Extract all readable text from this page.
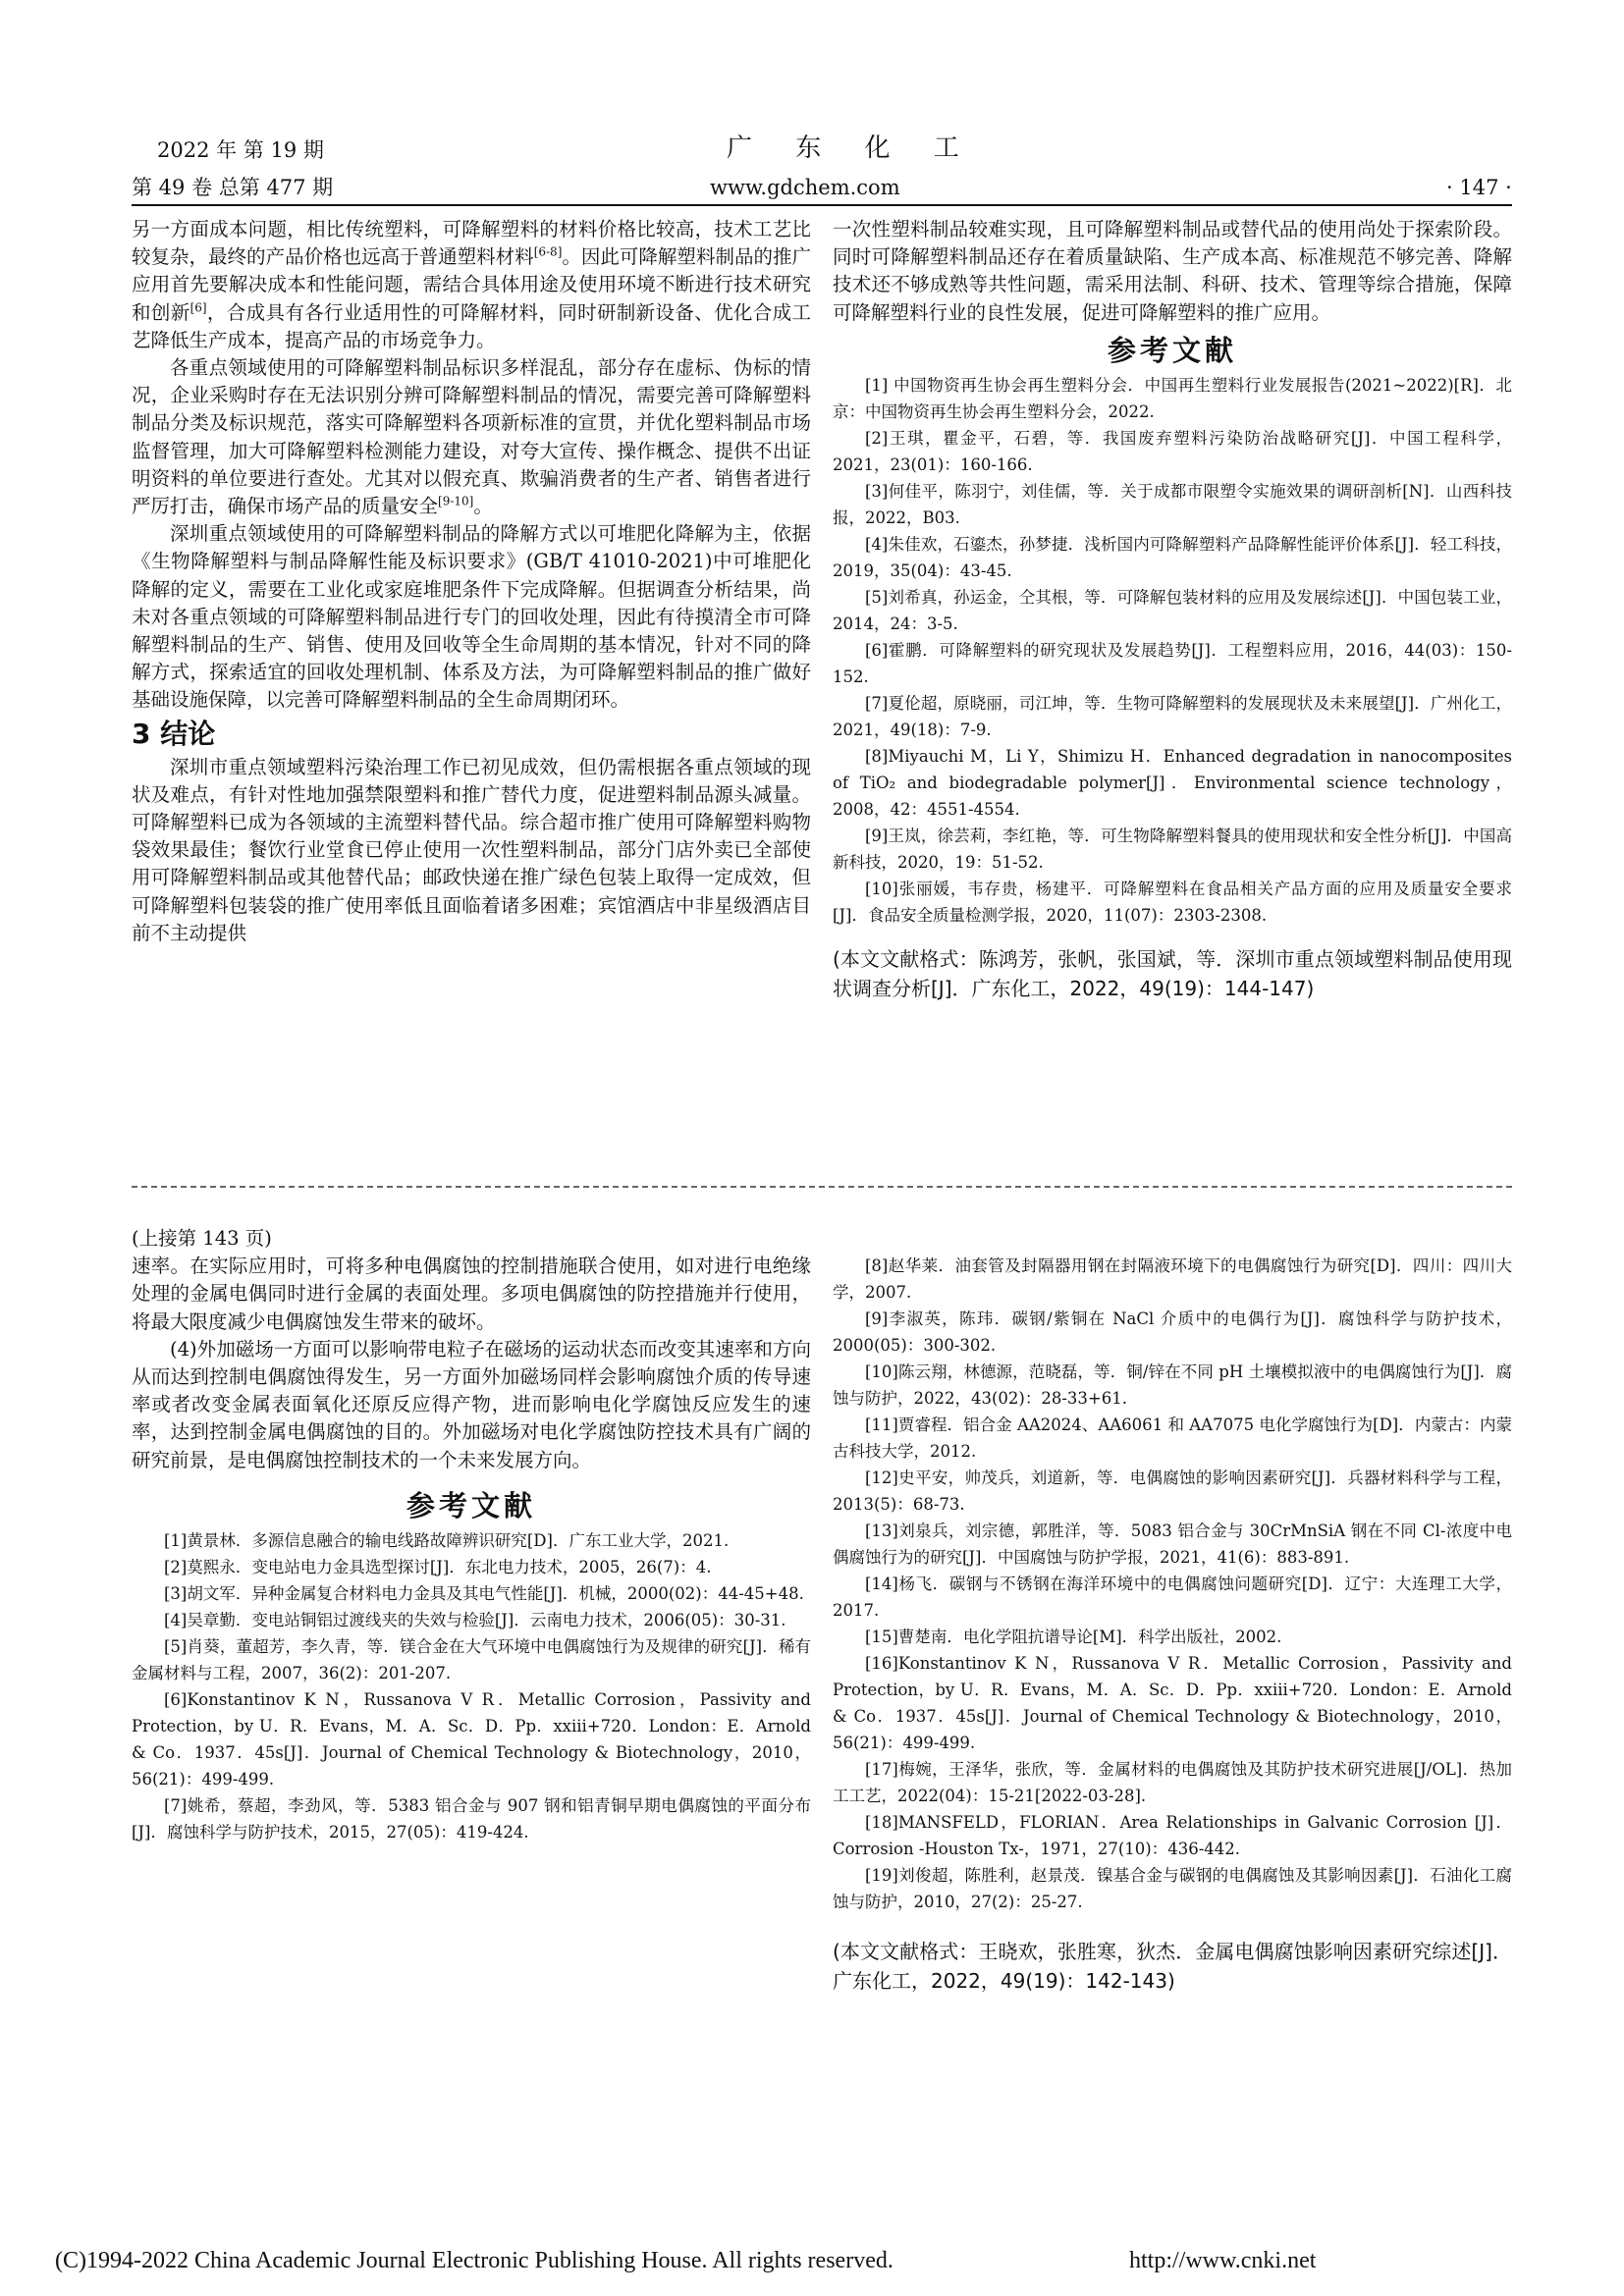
2022 年 第 19 期
第 49 卷 总第 477 期
广 东 化 工
www.gdchem.com	· 147 ·

另一方面成本问题，相比传统塑料，可降解塑料的材料价格比较高，技术工艺比较复杂，最终的产品价格也远高于普通塑料材料[6-8]。因此可降解塑料制品的推广应用首先要解决成本和性能问题，需结合具体用途及使用环境不断进行技术研究和创新[6]，合成具有各行业适用性的可降解材料，同时研制新设备、优化合成工艺降低生产成本，提高产品的市场竞争力。

各重点领域使用的可降解塑料制品标识多样混乱，部分存在虚标、伪标的情况，企业采购时存在无法识别分辨可降解塑料制品的情况，需要完善可降解塑料制品分类及标识规范，落实可降解塑料各项新标准的宣贯，并优化塑料制品市场监督管理，加大可降解塑料检测能力建设，对夸大宣传、操作概念、提供不出证明资料的单位要进行查处。尤其对以假充真、欺骗消费者的生产者、销售者进行严厉打击，确保市场产品的质量安全[9-10]。

深圳重点领域使用的可降解塑料制品的降解方式以可堆肥化降解为主，依据《生物降解塑料与制品降解性能及标识要求》(GB/T 41010-2021)中可堆肥化降解的定义，需要在工业化或家庭堆肥条件下完成降解。但据调查分析结果，尚未对各重点领域的可降解塑料制品进行专门的回收处理，因此有待摸清全市可降解塑料制品的生产、销售、使用及回收等全生命周期的基本情况，针对不同的降解方式，探索适宜的回收处理机制、体系及方法，为可降解塑料制品的推广做好基础设施保障，以完善可降解塑料制品的全生命周期闭环。

3 结论

深圳市重点领域塑料污染治理工作已初见成效，但仍需根据各重点领域的现状及难点，有针对性地加强禁限塑料和推广替代力度，促进塑料制品源头减量。可降解塑料已成为各领域的主流塑料替代品。综合超市推广使用可降解塑料购物袋效果最佳；餐饮行业堂食已停止使用一次性塑料制品，部分门店外卖已全部使用可降解塑料制品或其他替代品；邮政快递在推广绿色包装上取得一定成效，但可降解塑料包装袋的推广使用率低且面临着诸多困难；宾馆酒店中非星级酒店目前不主动提供

一次性塑料制品较难实现，且可降解塑料制品或替代品的使用尚处于探索阶段。同时可降解塑料制品还存在着质量缺陷、生产成本高、标准规范不够完善、降解技术还不够成熟等共性问题，需采用法制、科研、技术、管理等综合措施，保障可降解塑料行业的良性发展，促进可降解塑料的推广应用。

参考文献

[1] 中国物资再生协会再生塑料分会．中国再生塑料行业发展报告(2021~2022)[R]．北京：中国物资再生协会再生塑料分会，2022.

[2]王琪，瞿金平，石碧，等．我国废弃塑料污染防治战略研究[J]．中国工程科学，2021，23(01)：160-166.

[3]何佳平，陈羽宁，刘佳儒，等．关于成都市限塑令实施效果的调研剖析[N]．山西科技报，2022，B03.

[4]朱佳欢，石鎏杰，孙梦捷．浅析国内可降解塑料产品降解性能评价体系[J]．轻工科技，2019，35(04)：43-45.

[5]刘希真，孙运金，仝其根，等．可降解包装材料的应用及发展综述[J]．中国包装工业，2014，24：3-5.

[6]霍鹏．可降解塑料的研究现状及发展趋势[J]．工程塑料应用，2016，44(03)：150-152.

[7]夏伦超，原晓丽，司江坤，等．生物可降解塑料的发展现状及未来展望[J]．广州化工，2021，49(18)：7-9.

[8]Miyauchi M，Li Y，Shimizu H．Enhanced degradation in nanocomposites of TiO₂ and biodegradable polymer[J]．Environmental science technology，2008，42：4551-4554.

[9]王岚，徐芸莉，李红艳，等．可生物降解塑料餐具的使用现状和安全性分析[J]．中国高新科技，2020，19：51-52.

[10]张丽媛，韦存贵，杨建平．可降解塑料在食品相关产品方面的应用及质量安全要求[J]．食品安全质量检测学报，2020，11(07)：2303-2308.

(本文文献格式：陈鸿芳，张帆，张国斌，等．深圳市重点领域塑料制品使用现状调查分析[J]．广东化工，2022，49(19)：144-147)
(上接第 143 页)

速率。在实际应用时，可将多种电偶腐蚀的控制措施联合使用，如对进行电绝缘处理的金属电偶同时进行金属的表面处理。多项电偶腐蚀的防控措施并行使用，将最大限度减少电偶腐蚀发生带来的破坏。

(4)外加磁场一方面可以影响带电粒子在磁场的运动状态而改变其速率和方向从而达到控制电偶腐蚀得发生，另一方面外加磁场同样会影响腐蚀介质的传导速率或者改变金属表面氧化还原反应得产物，进而影响电化学腐蚀反应发生的速率，达到控制金属电偶腐蚀的目的。外加磁场对电化学腐蚀防控技术具有广阔的研究前景，是电偶腐蚀控制技术的一个未来发展方向。

参考文献

[1]黄景林．多源信息融合的输电线路故障辨识研究[D]．广东工业大学，2021.

[2]莫熙永．变电站电力金具选型探讨[J]．东北电力技术，2005，26(7)：4.

[3]胡文军．异种金属复合材料电力金具及其电气性能[J]．机械，2000(02)：44-45+48.

[4]吴章勤．变电站铜铝过渡线夹的失效与检验[J]．云南电力技术，2006(05)：30-31.

[5]肖葵，董超芳，李久青，等．镁合金在大气环境中电偶腐蚀行为及规律的研究[J]．稀有金属材料与工程，2007，36(2)：201-207.

[6]Konstantinov K N，Russanova V R．Metallic Corrosion，Passivity and Protection，by U．R．Evans，M．A．Sc．D．Pp．xxiii+720．London：E．Arnold & Co．1937．45s[J]．Journal of Chemical Technology & Biotechnology，2010，56(21)：499-499.

[7]姚希，蔡超，李劲风，等．5383 铝合金与 907 钢和铝青铜早期电偶腐蚀的平面分布[J]．腐蚀科学与防护技术，2015，27(05)：419-424.

[8]赵华莱．油套管及封隔器用钢在封隔液环境下的电偶腐蚀行为研究[D]．四川：四川大学，2007.

[9]李淑英，陈玮．碳钢/紫铜在 NaCl 介质中的电偶行为[J]．腐蚀科学与防护技术，2000(05)：300-302.

[10]陈云翔，林德源，范晓磊，等．铜/锌在不同 pH 土壤模拟液中的电偶腐蚀行为[J]．腐蚀与防护，2022，43(02)：28-33+61.

[11]贾睿程．铝合金 AA2024、AA6061 和 AA7075 电化学腐蚀行为[D]．内蒙古：内蒙古科技大学，2012.

[12]史平安，帅茂兵，刘道新，等．电偶腐蚀的影响因素研究[J]．兵器材料科学与工程，2013(5)：68-73.

[13]刘泉兵，刘宗德，郭胜洋，等．5083 铝合金与 30CrMnSiA 钢在不同 Cl-浓度中电偶腐蚀行为的研究[J]．中国腐蚀与防护学报，2021，41(6)：883-891.

[14]杨飞．碳钢与不锈钢在海洋环境中的电偶腐蚀问题研究[D]．辽宁：大连理工大学，2017.

[15]曹楚南．电化学阻抗谱导论[M]．科学出版社，2002.

[16]Konstantinov K N，Russanova V R．Metallic Corrosion，Passivity and Protection，by U．R．Evans，M．A．Sc．D．Pp．xxiii+720．London：E．Arnold & Co．1937．45s[J]．Journal of Chemical Technology & Biotechnology，2010，56(21)：499-499.

[17]梅婉，王泽华，张欣，等．金属材料的电偶腐蚀及其防护技术研究进展[J/OL]．热加工工艺，2022(04)：15-21[2022-03-28].

[18]MANSFELD，FLORIAN．Area Relationships in Galvanic Corrosion [J]．Corrosion -Houston Tx-，1971，27(10)：436-442.

[19]刘俊超，陈胜利，赵景茂．镍基合金与碳钢的电偶腐蚀及其影响因素[J]．石油化工腐蚀与防护，2010，27(2)：25-27.

(本文文献格式：王晓欢，张胜寒，狄杰．金属电偶腐蚀影响因素研究综述[J]．广东化工，2022，49(19)：142-143)
(C)1994-2022 China Academic Journal Electronic Publishing House. All rights reserved.	http://www.cnki.net
